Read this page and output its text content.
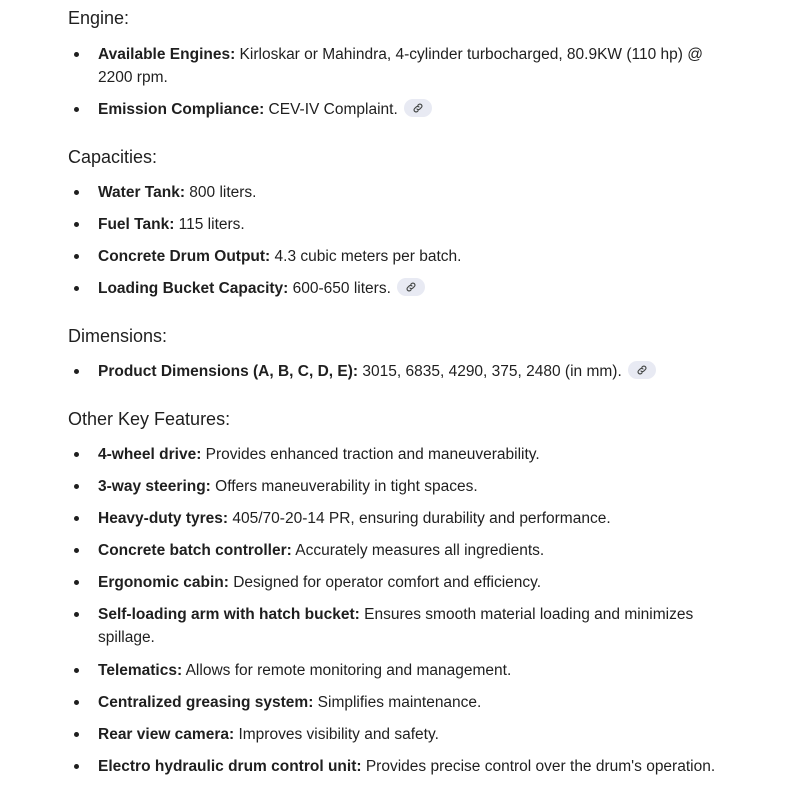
Engine:
Available Engines: Kirloskar or Mahindra, 4-cylinder turbocharged, 80.9KW (110 hp) @ 2200 rpm.
Emission Compliance: CEV-IV Complaint.
Capacities:
Water Tank: 800 liters.
Fuel Tank: 115 liters.
Concrete Drum Output: 4.3 cubic meters per batch.
Loading Bucket Capacity: 600-650 liters.
Dimensions:
Product Dimensions (A, B, C, D, E): 3015, 6835, 4290, 375, 2480 (in mm).
Other Key Features:
4-wheel drive: Provides enhanced traction and maneuverability.
3-way steering: Offers maneuverability in tight spaces.
Heavy-duty tyres: 405/70-20-14 PR, ensuring durability and performance.
Concrete batch controller: Accurately measures all ingredients.
Ergonomic cabin: Designed for operator comfort and efficiency.
Self-loading arm with hatch bucket: Ensures smooth material loading and minimizes spillage.
Telematics: Allows for remote monitoring and management.
Centralized greasing system: Simplifies maintenance.
Rear view camera: Improves visibility and safety.
Electro hydraulic drum control unit: Provides precise control over the drum's operation.
